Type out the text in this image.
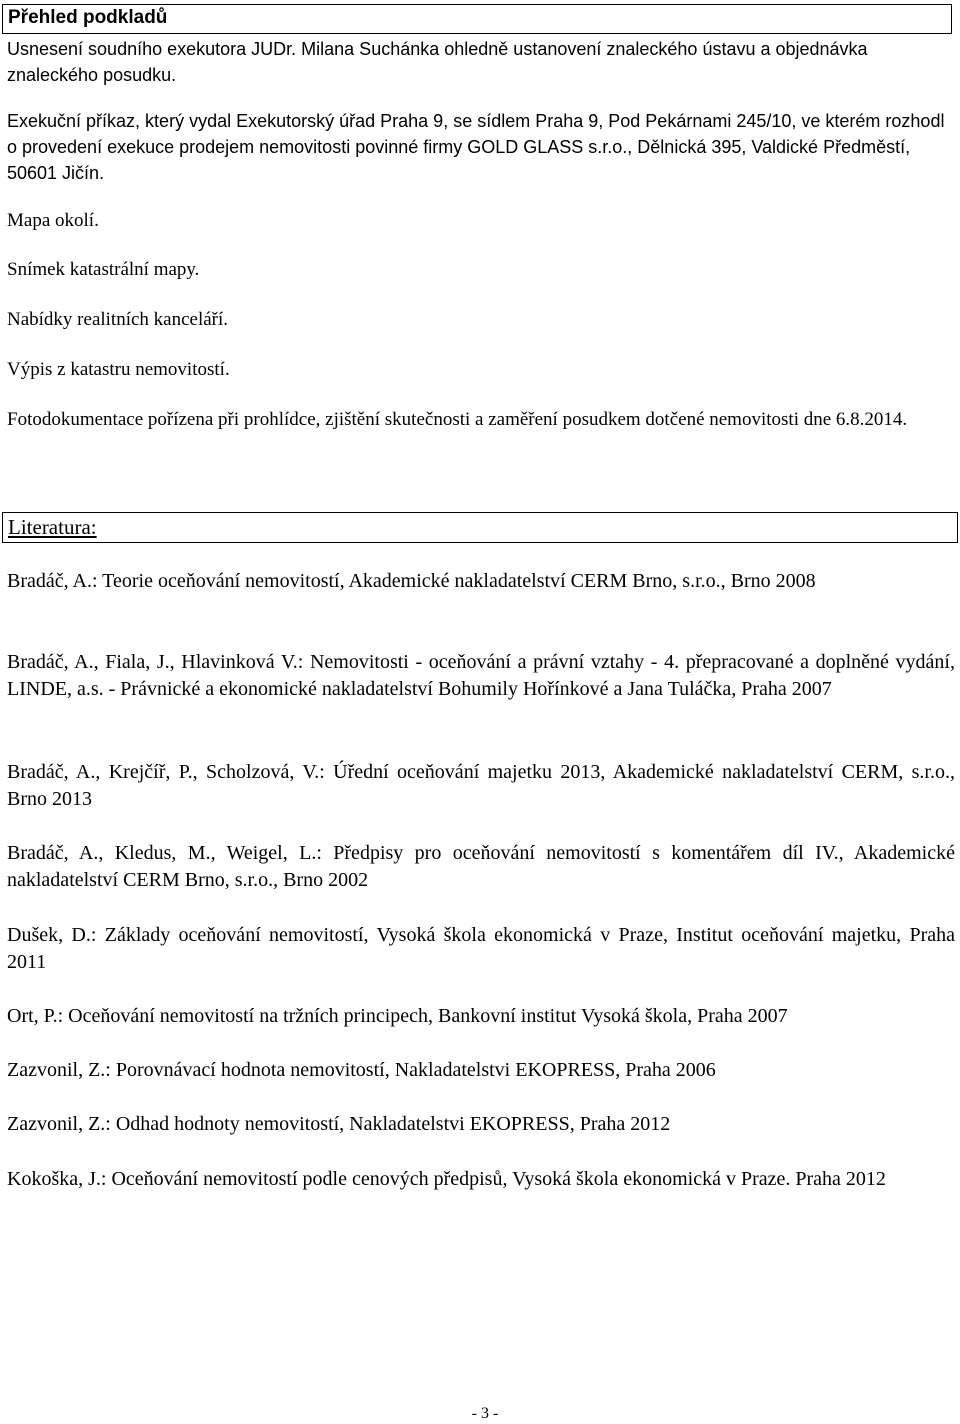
Přehled podkladů
Usnesení soudního exekutora JUDr. Milana Suchánka ohledně ustanovení znaleckého ústavu a objednávka znaleckého posudku.
Exekuční příkaz, který vydal Exekutorský úřad Praha 9, se sídlem Praha 9, Pod Pekárnami 245/10, ve kterém rozhodl o provedení exekuce prodejem nemovitosti povinné firmy GOLD GLASS s.r.o., Dělnická 395, Valdické Předměstí, 50601 Jičín.
Mapa okolí.
Snímek katastrální mapy.
Nabídky realitních kanceláří.
Výpis z katastru nemovitostí.
Fotodokumentace pořízena při prohlídce, zjištění skutečnosti a zaměření posudkem dotčené nemovitosti dne 6.8.2014.
Literatura:
Bradáč, A.: Teorie oceňování nemovitostí, Akademické nakladatelství CERM Brno, s.r.o., Brno 2008
Bradáč, A., Fiala, J., Hlavinková V.: Nemovitosti - oceňování a právní vztahy - 4. přepracované a doplněné vydání, LINDE, a.s. - Právnické a ekonomické nakladatelství Bohumily Hořínkové a Jana Tuláčka, Praha 2007
Bradáč, A., Krejčíř, P., Scholzová, V.: Úřední oceňování majetku 2013, Akademické nakladatelství CERM, s.r.o., Brno 2013
Bradáč, A., Kledus, M., Weigel, L.: Předpisy pro oceňování nemovitostí s komentářem díl IV., Akademické nakladatelství CERM Brno, s.r.o., Brno 2002
Dušek, D.: Základy oceňování nemovitostí, Vysoká škola ekonomická v Praze, Institut oceňování majetku, Praha 2011
Ort, P.: Oceňování nemovitostí na tržních principech, Bankovní institut Vysoká škola, Praha 2007
Zazvonil, Z.: Porovnávací hodnota nemovitostí, Nakladatelstvi EKOPRESS, Praha 2006
Zazvonil, Z.: Odhad hodnoty nemovitostí, Nakladatelstvi EKOPRESS, Praha 2012
Kokoška, J.: Oceňování nemovitostí podle cenových předpisů, Vysoká škola ekonomická v Praze. Praha 2012
- 3 -
